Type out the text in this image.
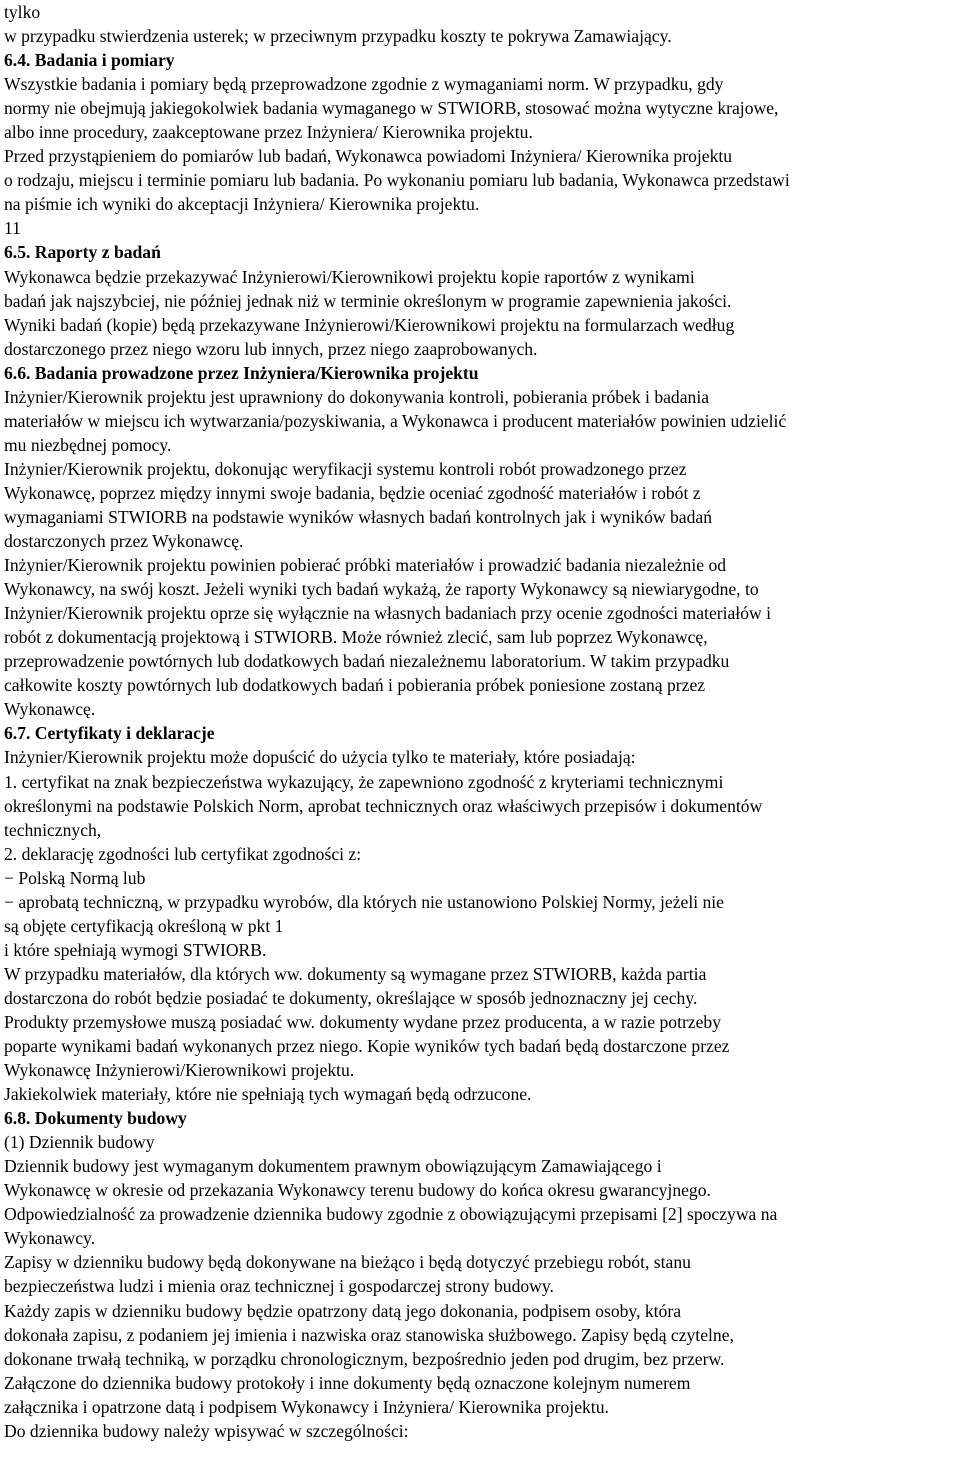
tylko
w przypadku stwierdzenia usterek; w przeciwnym przypadku koszty te pokrywa Zamawiający.
6.4. Badania i pomiary
Wszystkie badania i pomiary będą przeprowadzone zgodnie z wymaganiami norm. W przypadku, gdy
normy nie obejmują jakiegokolwiek badania wymaganego w STWIORB, stosować można wytyczne krajowe,
albo inne procedury, zaakceptowane przez Inżyniera/ Kierownika projektu.
Przed przystąpieniem do pomiarów lub badań, Wykonawca powiadomi Inżyniera/ Kierownika projektu
o rodzaju, miejscu i terminie pomiaru lub badania. Po wykonaniu pomiaru lub badania, Wykonawca przedstawi
na piśmie ich wyniki do akceptacji Inżyniera/ Kierownika projektu.
11
6.5. Raporty z badań
Wykonawca będzie przekazywać Inżynierowi/Kierownikowi projektu kopie raportów z wynikami
badań jak najszybciej, nie później jednak niż w terminie określonym w programie zapewnienia jakości.
Wyniki badań (kopie) będą przekazywane Inżynierowi/Kierownikowi projektu na formularzach według
dostarczonego przez niego wzoru lub innych, przez niego zaaprobowanych.
6.6. Badania prowadzone przez Inżyniera/Kierownika projektu
Inżynier/Kierownik projektu jest uprawniony do dokonywania kontroli, pobierania próbek i badania
materiałów w miejscu ich wytwarzania/pozyskiwania, a Wykonawca i producent materiałów powinien udzielić
mu niezbędnej pomocy.
Inżynier/Kierownik projektu, dokonując weryfikacji systemu kontroli robót prowadzonego przez
Wykonawcę, poprzez między innymi swoje badania, będzie oceniać zgodność materiałów i robót z
wymaganiami STWIORB na podstawie wyników własnych badań kontrolnych jak i wyników badań
dostarczonych przez Wykonawcę.
Inżynier/Kierownik projektu powinien pobierać próbki materiałów i prowadzić badania niezależnie od
Wykonawcy, na swój koszt. Jeżeli wyniki tych badań wykażą, że raporty Wykonawcy są niewiarygodne, to
Inżynier/Kierownik projektu oprze się wyłącznie na własnych badaniach przy ocenie zgodności materiałów i
robót z dokumentacją projektową i STWIORB. Może również zlecić, sam lub poprzez Wykonawcę,
przeprowadzenie powtórnych lub dodatkowych badań niezależnemu laboratorium. W takim przypadku
całkowite koszty powtórnych lub dodatkowych badań i pobierania próbek poniesione zostaną przez
Wykonawcę.
6.7. Certyfikaty i deklaracje
Inżynier/Kierownik projektu może dopuścić do użycia tylko te materiały, które posiadają:
1. certyfikat na znak bezpieczeństwa wykazujący, że zapewniono zgodność z kryteriami technicznymi
określonymi na podstawie Polskich Norm, aprobat technicznych oraz właściwych przepisów i dokumentów
technicznych,
2. deklarację zgodności lub certyfikat zgodności z:
− Polską Normą lub
− aprobatą techniczną, w przypadku wyrobów, dla których nie ustanowiono Polskiej Normy, jeżeli nie
są objęte certyfikacją określoną w pkt 1
i które spełniają wymogi STWIORB.
W przypadku materiałów, dla których ww. dokumenty są wymagane przez STWIORB, każda partia
dostarczona do robót będzie posiadać te dokumenty, określające w sposób jednoznaczny jej cechy.
Produkty przemysłowe muszą posiadać ww. dokumenty wydane przez producenta, a w razie potrzeby
poparte wynikami badań wykonanych przez niego. Kopie wyników tych badań będą dostarczone przez
Wykonawcę Inżynierowi/Kierownikowi projektu.
Jakiekolwiek materiały, które nie spełniają tych wymagań będą odrzucone.
6.8. Dokumenty budowy
(1) Dziennik budowy
Dziennik budowy jest wymaganym dokumentem prawnym obowiązującym Zamawiającego i
Wykonawcę w okresie od przekazania Wykonawcy terenu budowy do końca okresu gwarancyjnego.
Odpowiedzialność za prowadzenie dziennika budowy zgodnie z obowiązującymi przepisami [2] spoczywa na
Wykonawcy.
Zapisy w dzienniku budowy będą dokonywane na bieżąco i będą dotyczyć przebiegu robót, stanu
bezpieczeństwa ludzi i mienia oraz technicznej i gospodarczej strony budowy.
Każdy zapis w dzienniku budowy będzie opatrzony datą jego dokonania, podpisem osoby, która
dokonała zapisu, z podaniem jej imienia i nazwiska oraz stanowiska służbowego. Zapisy będą czytelne,
dokonane trwałą techniką, w porządku chronologicznym, bezpośrednio jeden pod drugim, bez przerw.
Załączone do dziennika budowy protokoły i inne dokumenty będą oznaczone kolejnym numerem
załącznika i opatrzone datą i podpisem Wykonawcy i Inżyniera/ Kierownika projektu.
Do dziennika budowy należy wpisywać w szczególności:
